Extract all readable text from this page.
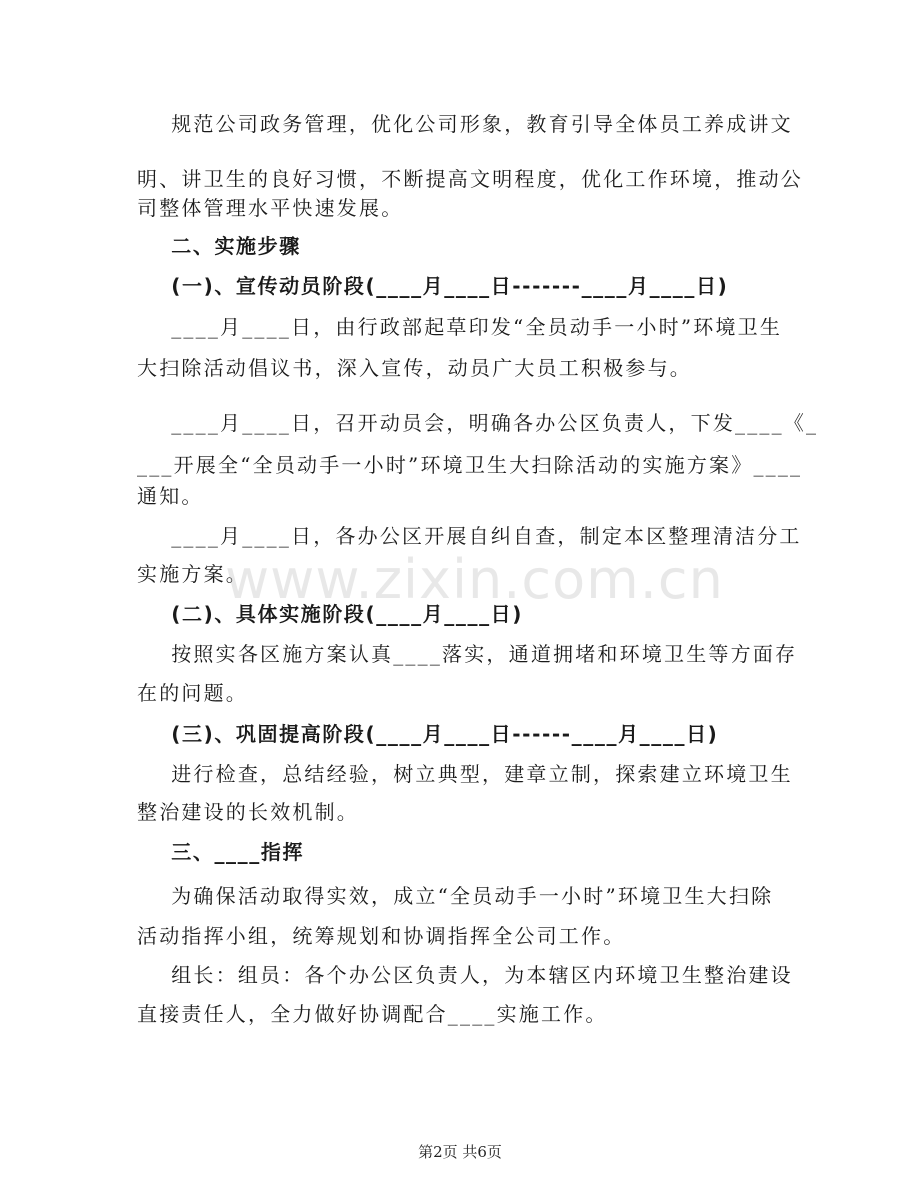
规范公司政务管理，优化公司形象，教育引导全体员工养成讲文
明、讲卫生的良好习惯，不断提高文明程度，优化工作环境，推动公
司整体管理水平快速发展。
二、实施步骤
(一)、宣传动员阶段(____月____日-------____月____日)
____月____日，由行政部起草印发“全员动手一小时”环境卫生
大扫除活动倡议书，深入宣传，动员广大员工积极参与。
____月____日，召开动员会，明确各办公区负责人，下发____《_
___开展全“全员动手一小时”环境卫生大扫除活动的实施方案》____
通知。
____月____日，各办公区开展自纠自查，制定本区整理清洁分工
实施方案。
(二)、具体实施阶段(____月____日)
按照实各区施方案认真____落实，通道拥堵和环境卫生等方面存
在的问题。
(三)、巩固提高阶段(____月____日------____月____日)
进行检查，总结经验，树立典型，建章立制，探索建立环境卫生
整治建设的长效机制。
三、____指挥
为确保活动取得实效，成立“全员动手一小时”环境卫生大扫除
活动指挥小组，统筹规划和协调指挥全公司工作。
组长：组员：各个办公区负责人，为本辖区内环境卫生整治建设
直接责任人，全力做好协调配合____实施工作。
www.zixin.com.cn
第2页 共6页
